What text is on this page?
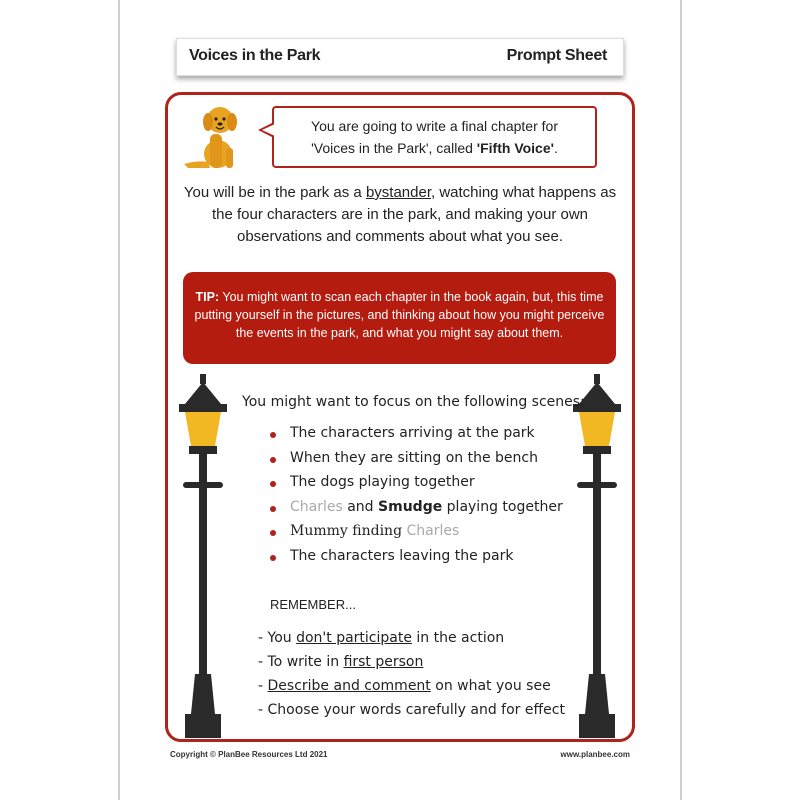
Voices in the Park	Prompt Sheet
You are going to write a final chapter for
'Voices in the Park', called 'Fifth Voice'.
You will be in the park as a bystander, watching what happens as the four characters are in the park, and making your own observations and comments about what you see.
TIP: You might want to scan each chapter in the book again, but, this time putting yourself in the pictures, and thinking about how you might perceive the events in the park, and what you might say about them.
You might want to focus on the following scenes:
The characters arriving at the park
When they are sitting on the bench
The dogs playing together
Charles and Smudge playing together
Mummy finding Charles
The characters leaving the park
REMEMBER...
- You don't participate in the action
- To write in first person
- Describe and comment on what you see
- Choose your words carefully and for effect
Copyright © PlanBee Resources Ltd 2021	www.planbee.com
